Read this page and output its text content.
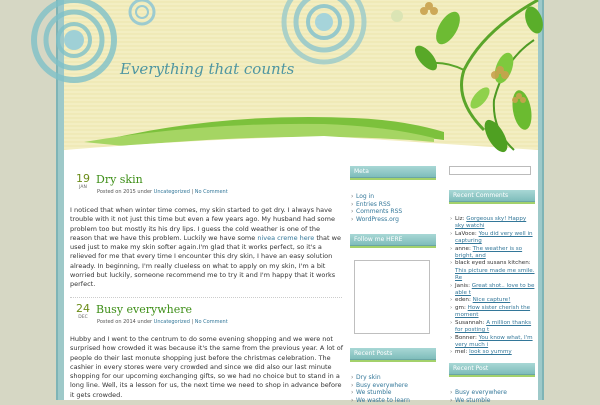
Everything that counts
19
JAN
Dry skin
Posted on 2015 under Uncategorized | No Comment
I noticed that when winter time comes, my skin started to get dry. I always have trouble with it not just this time but even a few years ago. My husband had some problem too but mostly its his dry lips. I guess the cold weather is one of the reason that we have this problem. Luckily we have some nivea creme here that we used just to make my skin softer again.I'm glad that it works perfect, so it's a relieved for me that every time I encounter this dry skin, I have an easy solution already. In beginning, I'm really clueless on what to apply on my skin, I'm a bit worried but luckily, someone recommend me to try it and I'm happy that it works perfect.
24
DEC
Busy everywhere
Posted on 2014 under Uncategorized | No Comment
Hubby and I went to the centrum to do some evening shopping and we were not surprised how crowded it was because it's the same from the previous year. A lot of people do their last monute shopping just before the christmas celebration. The cashier in every stores were very crowded and since we did also our last minute shopping for our upcoming exchanging gifts, so we had no choice but to stand in a long line. Well, its a lesson for us, the next time we need to shop in advance before it gets crowded.
Meta
› Log in
› Entries RSS
› Comments RSS
› WordPress.org
Follow me HERE
Recent Posts
› Dry skin
› Busy everywhere
› We stumble
› We waste to learn
Recent Comments
› Liz: Gorgeous sky! Happy sky watchi
› LaVoce: You did very well in capturing
› anne: The weather is so bright, and
› black eyed susans kitchen: This picture made me smile. Re
› Janis: Great shot.. love to be able t
› eden: Nice capture!
› gm: How sister cherish the moment
› Susannah: A million thanks for posting t
› Bonner: You know what, I'm very much i
› mel: look so yummy
Recent Post
› Busy everywhere
› We stumble
